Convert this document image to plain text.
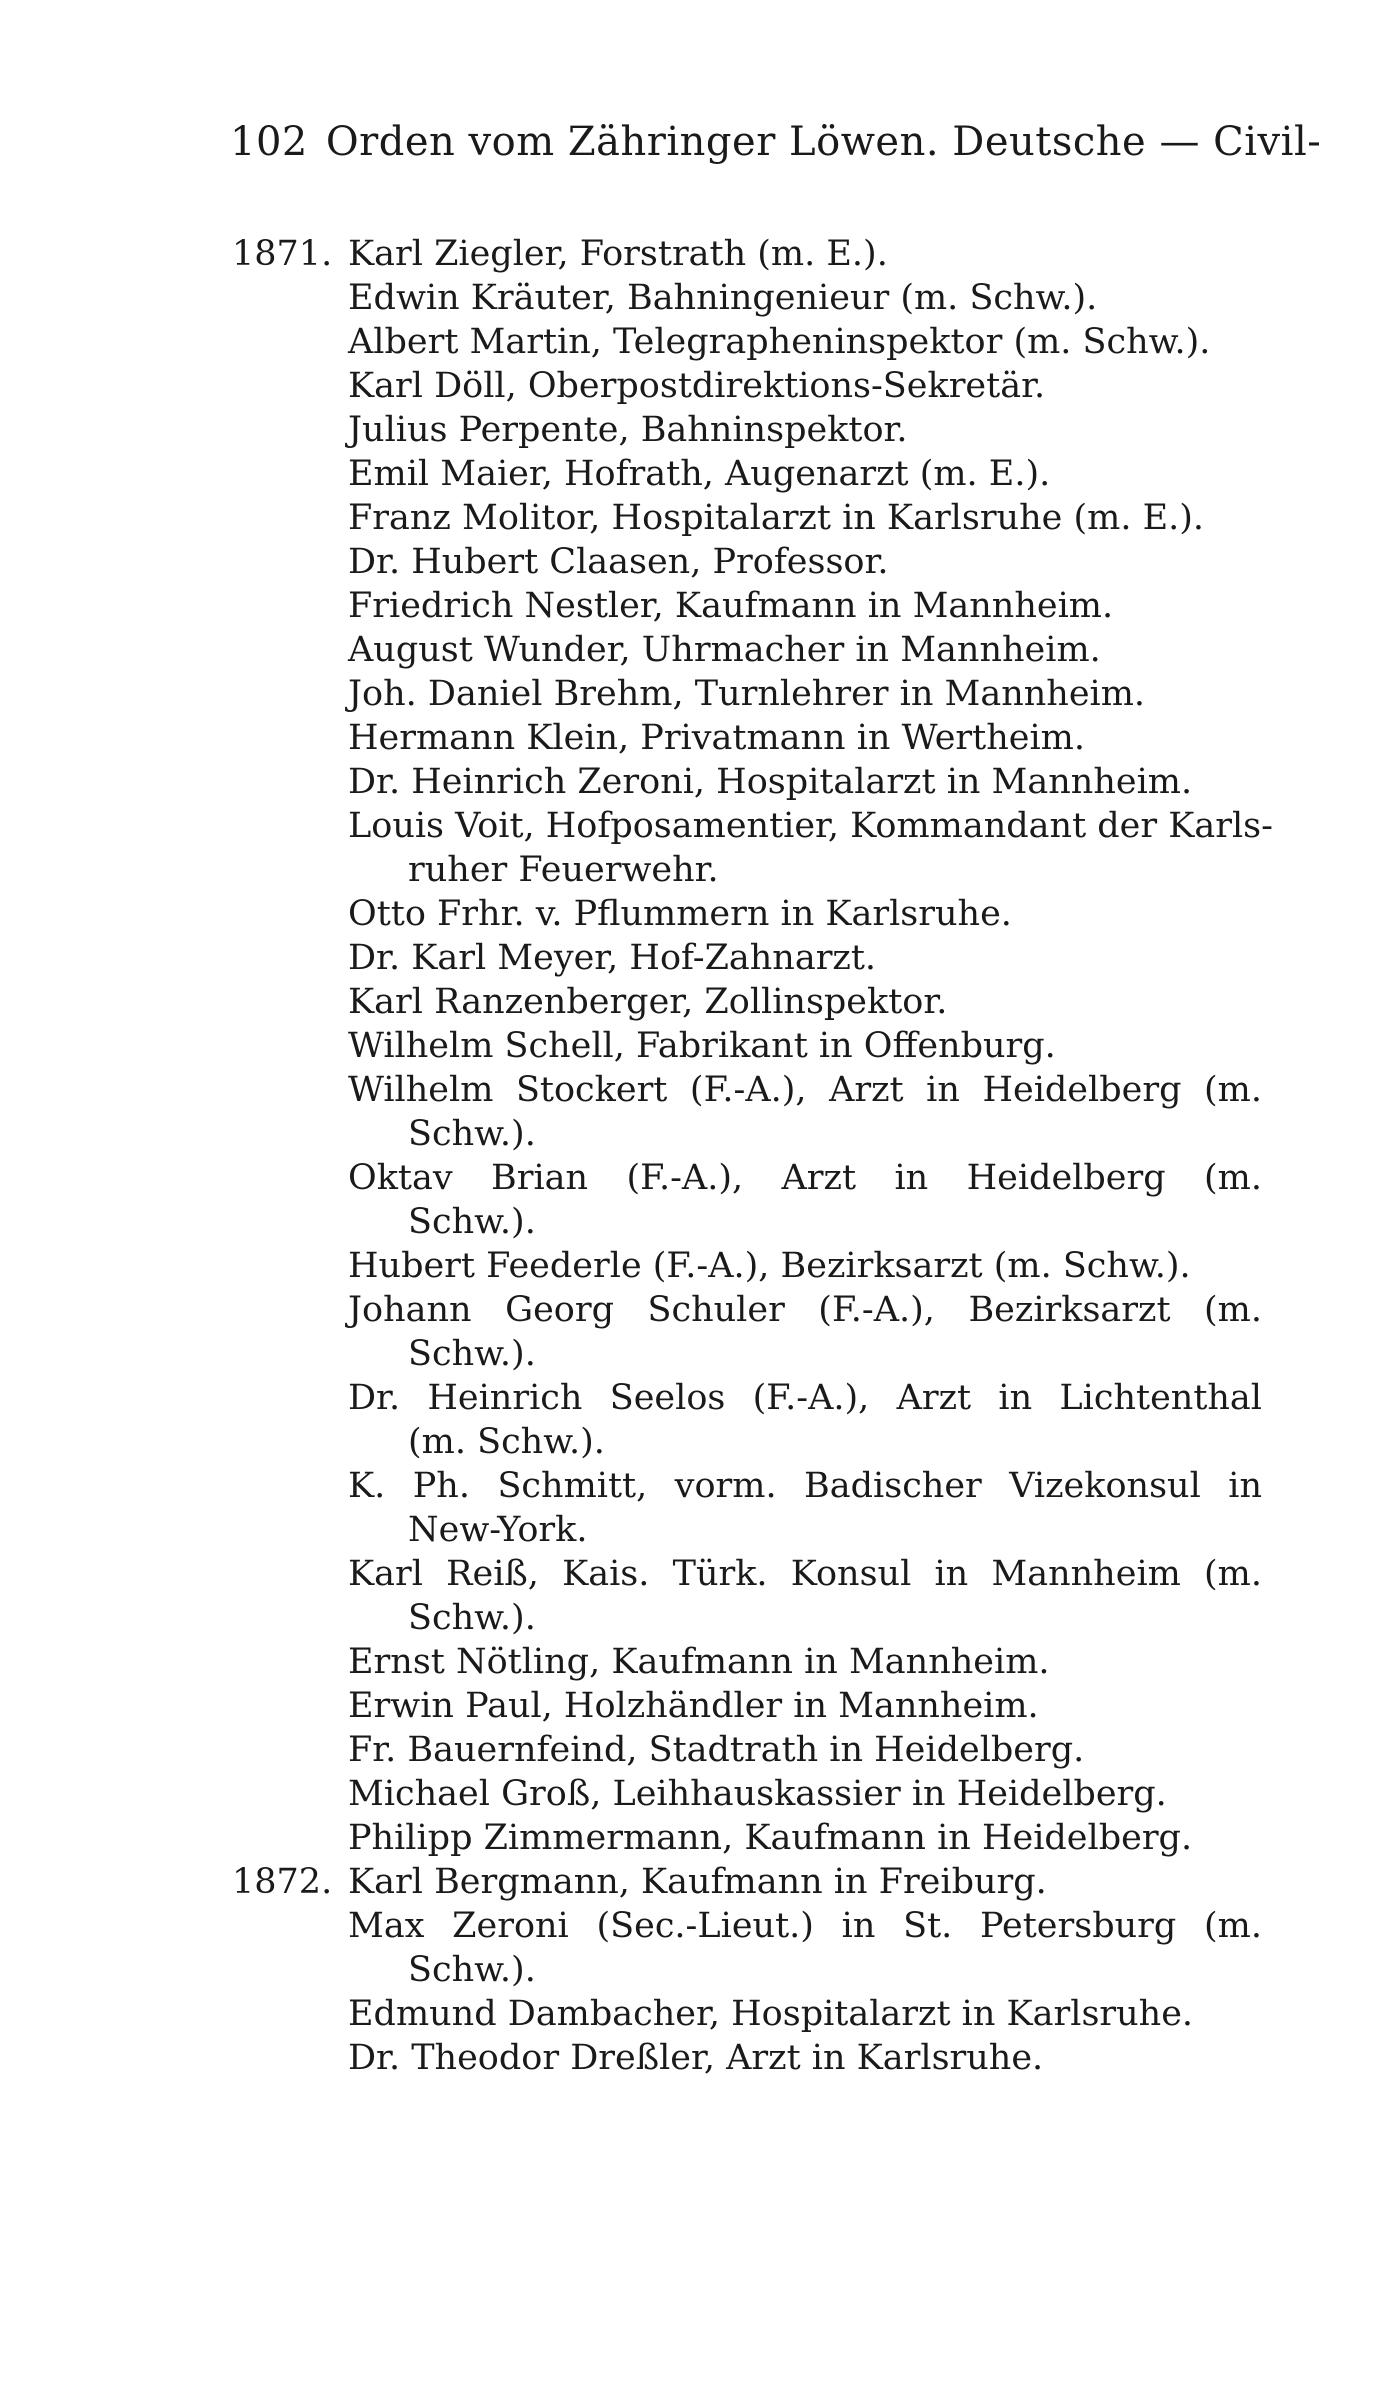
102 Orden vom Zähringer Löwen. Deutsche — Civil-
1871. Karl Ziegler, Forstrath (m. E.).
Edwin Kräuter, Bahningenieur (m. Schw.).
Albert Martin, Telegrapheninspektor (m. Schw.).
Karl Döll, Oberpostdirektions-Sekretär.
Julius Perpente, Bahninspektor.
Emil Maier, Hofrath, Augenarzt (m. E.).
Franz Molitor, Hospitalarzt in Karlsruhe (m. E.).
Dr. Hubert Claasen, Professor.
Friedrich Nestler, Kaufmann in Mannheim.
August Wunder, Uhrmacher in Mannheim.
Joh. Daniel Brehm, Turnlehrer in Mannheim.
Hermann Klein, Privatmann in Wertheim.
Dr. Heinrich Zeroni, Hospitalarzt in Mannheim.
Louis Voit, Hofposamentier, Kommandant der Karls-
ruher Feuerwehr.
Otto Frhr. v. Pflummern in Karlsruhe.
Dr. Karl Meyer, Hof-Zahnarzt.
Karl Ranzenberger, Zollinspektor.
Wilhelm Schell, Fabrikant in Offenburg.
Wilhelm Stockert (F.-A.), Arzt in Heidelberg (m.
Schw.).
Oktav Brian (F.-A.), Arzt in Heidelberg (m.
Schw.).
Hubert Feederle (F.-A.), Bezirksarzt (m. Schw.).
Johann Georg Schuler (F.-A.), Bezirksarzt (m.
Schw.).
Dr. Heinrich Seelos (F.-A.), Arzt in Lichtenthal
(m. Schw.).
K. Ph. Schmitt, vorm. Badischer Vizekonsul in
New-York.
Karl Reiß, Kais. Türk. Konsul in Mannheim (m.
Schw.).
Ernst Nötling, Kaufmann in Mannheim.
Erwin Paul, Holzhändler in Mannheim.
Fr. Bauernfeind, Stadtrath in Heidelberg.
Michael Groß, Leihhauskassier in Heidelberg.
Philipp Zimmermann, Kaufmann in Heidelberg.
1872. Karl Bergmann, Kaufmann in Freiburg.
Max Zeroni (Sec.-Lieut.) in St. Petersburg (m.
Schw.).
Edmund Dambacher, Hospitalarzt in Karlsruhe.
Dr. Theodor Dreßler, Arzt in Karlsruhe.
